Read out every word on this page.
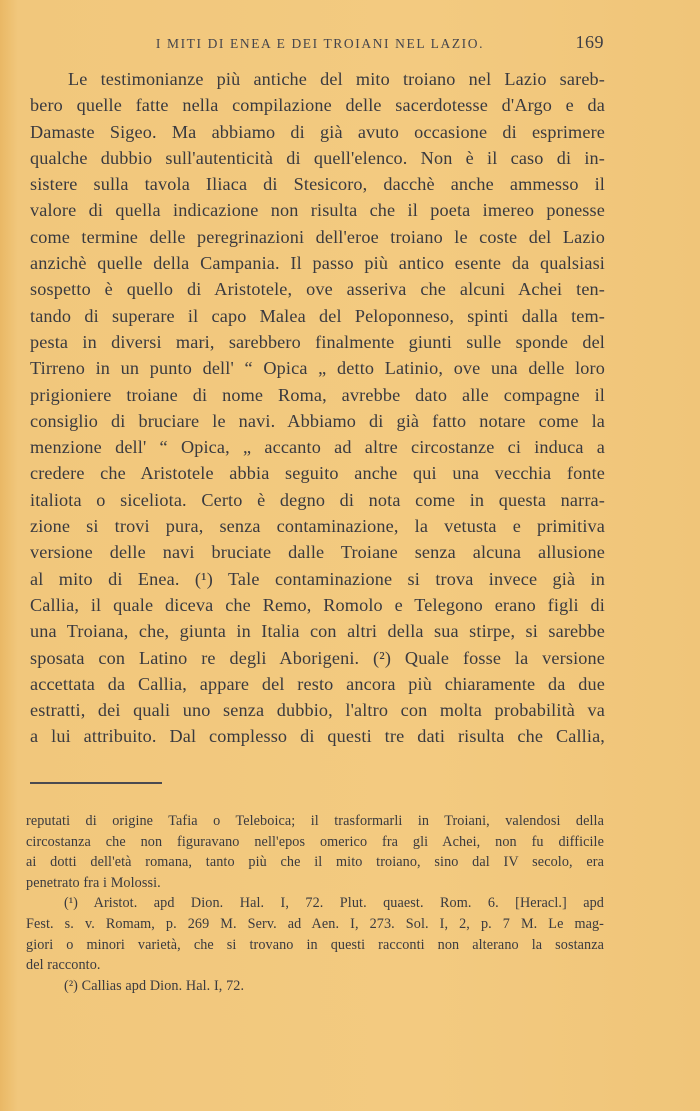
I MITI DI ENEA E DEI TROIANI NEL LAZIO.	169
Le testimonianze più antiche del mito troiano nel Lazio sareb-
bero quelle fatte nella compilazione delle sacerdotesse d'Argo e da
Damaste Sigeo. Ma abbiamo di già avuto occasione di esprimere
qualche dubbio sull'autenticità di quell'elenco. Non è il caso di in-
sistere sulla tavola Iliaca di Stesicoro, dacchè anche ammesso il
valore di quella indicazione non risulta che il poeta imereo ponesse
come termine delle peregrinazioni dell'eroe troiano le coste del Lazio
anzichè quelle della Campania. Il passo più antico esente da qualsiasi
sospetto è quello di Aristotele, ove asseriva che alcuni Achei ten-
tando di superare il capo Malea del Peloponneso, spinti dalla tem-
pesta in diversi mari, sarebbero finalmente giunti sulle sponde del
Tirreno in un punto dell' “ Opica „ detto Latinio, ove una delle loro
prigioniere troiane di nome Roma, avrebbe dato alle compagne il
consiglio di bruciare le navi. Abbiamo di già fatto notare come la
menzione dell' “ Opica, „ accanto ad altre circostanze ci induca a
credere che Aristotele abbia seguito anche qui una vecchia fonte
italiota o siceliota. Certo è degno di nota come in questa narra-
zione si trovi pura, senza contaminazione, la vetusta e primitiva
versione delle navi bruciate dalle Troiane senza alcuna allusione
al mito di Enea. (¹) Tale contaminazione si trova invece già in
Callia, il quale diceva che Remo, Romolo e Telegono erano figli di
una Troiana, che, giunta in Italia con altri della sua stirpe, si sarebbe
sposata con Latino re degli Aborigeni. (²) Quale fosse la versione
accettata da Callia, appare del resto ancora più chiaramente da due
estratti, dei quali uno senza dubbio, l'altro con molta probabilità va
a lui attribuito. Dal complesso di questi tre dati risulta che Callia,
reputati di origine Tafia o Teleboica; il trasformarli in Troiani, valendosi della
circostanza che non figuravano nell'epos omerico fra gli Achei, non fu difficile
ai dotti dell'età romana, tanto più che il mito troiano, sino dal IV secolo, era
penetrato fra i Molossi.
(¹) Aristot. apd Dion. Hal. I, 72. Plut. quaest. Rom. 6. [Heracl.] apd
Fest. s. v. Romam, p. 269 M. Serv. ad Aen. I, 273. Sol. I, 2, p. 7 M. Le mag-
giori o minori varietà, che si trovano in questi racconti non alterano la sostanza
del racconto.
(²) Callias apd Dion. Hal. I, 72.
